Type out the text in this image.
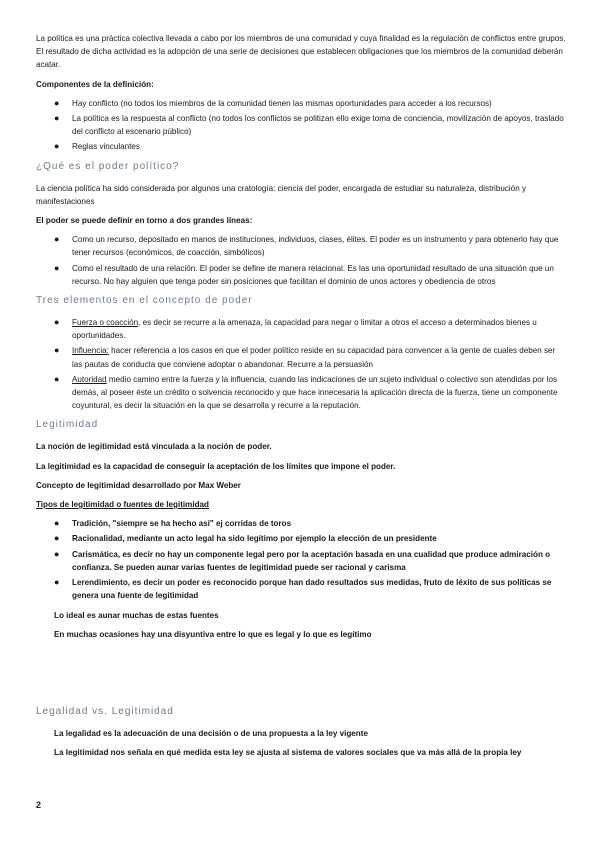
La política es una práctica colectiva llevada a cabo por los miembros de una comunidad y cuya finalidad es la regulación de conflictos entre grupos. El resultado de dicha actividad es la adopción de una serie de decisiones que establecen obligaciones que los miembros de la comunidad deberán acatar.

Componentes de la definición:

● Hay conflicto (no todos los miembros de la comunidad tienen las mismas oportunidades para acceder a los recursos)
● La política es la respuesta al conflicto (no todos los conflictos se politizan ello exige toma de conciencia, movilización de apoyos, traslado del conflicto al escenario público)
● Reglas vinculantes
¿Qué es el poder político?

La ciencia política ha sido considerada por algunos una cratología: ciencia del poder, encargada de estudiar su naturaleza, distribución y manifestaciones

El poder se puede definir en torno a dos grandes líneas:

● Como un recurso, depositado en manos de instituciones, individuos, clases, élites. El poder es un instrumento y para obtenerlo hay que tener recursos (económicos, de coacción, simbólicos)
● Como el resultado de una relación. El poder se define de manera relacional. Es las una oportunidad resultado de una situación que un recurso. No hay alguien que tenga poder sin posiciones que facilitan el dominio de unos actores y obediencia de otros
Tres elementos en el concepto de poder
● Fuerza o coacción, es decir se recurre a la amenaza, la capacidad para negar o limitar a otros el acceso a determinados bienes u oportunidades.
● Influencia: hacer referencia a los casos en que el poder político reside en su capacidad para convencer a la gente de cuales deben ser las pautas de conducta que conviene adoptar o abandonar. Recurre a la persuasión
● Autoridad medio camino entre la fuerza y la influencia, cuando las indicaciones de un sujeto individual o colectivo son atendidas por los demás, al poseer éste un crédito o solvencia reconocido y que hace innecesaria la aplicación directa de la fuerza, tiene un componente coyuntural, es decir la situación en la que se desarrolla y recurre a la reputación.
Legitimidad

La noción de legitimidad está vinculada a la noción de poder.

La legitimidad es la capacidad de conseguir la aceptación de los límites que impone el poder.

Concepto de legitimidad desarrollado por Max Weber

Tipos de legitimidad o fuentes de legitimidad

● Tradición, "siempre se ha hecho así" ej corridas de toros
● Racionalidad, mediante un acto legal ha sido legítimo por ejemplo la elección de un presidente
● Carismática, es decir no hay un componente legal pero por la aceptación basada en una cualidad que produce admiración o confianza. Se pueden aunar varias fuentes de legitimidad puede ser racional y carisma
● Lerendimiento, es decir un poder es reconocido porque han dado resultados sus medidas, fruto de léxito de sus políticas se genera una fuente de legitimidad

Lo ideal es aunar muchas de estas fuentes

En muchas ocasiones hay una disyuntiva entre lo que es legal y lo que es legítimo

Legalidad vs. Legitimidad

La legalidad es la adecuación de una decisión o de una propuesta a la ley vigente

La legitimidad nos señala en qué medida esta ley se ajusta al sistema de valores sociales que va más allá de la propia ley

2
